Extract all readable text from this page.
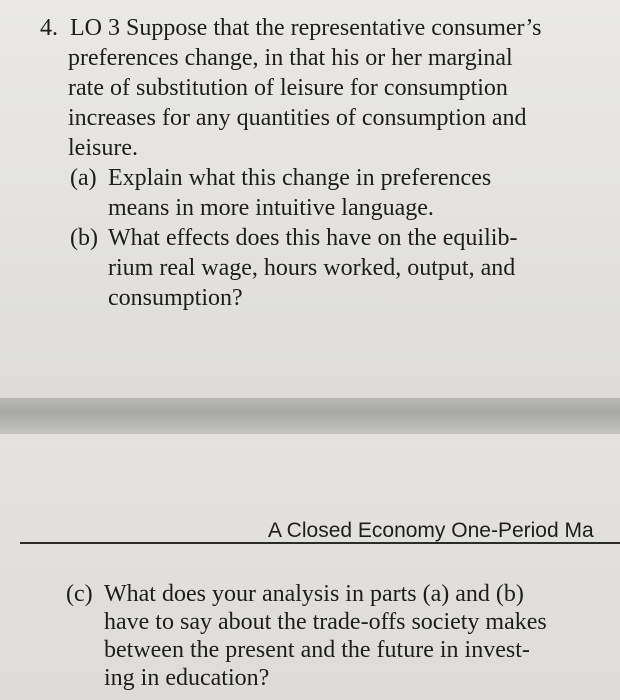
4. LO 3 Suppose that the representative consumer’s
preferences change, in that his or her marginal
rate of substitution of leisure for consumption
increases for any quantities of consumption and
leisure.
(a) Explain what this change in preferences
means in more intuitive language.
(b) What effects does this have on the equilib-
rium real wage, hours worked, output, and
consumption?
A Closed Economy One-Period Ma
(c) What does your analysis in parts (a) and (b)
have to say about the trade-offs society makes
between the present and the future in invest-
ing in education?
